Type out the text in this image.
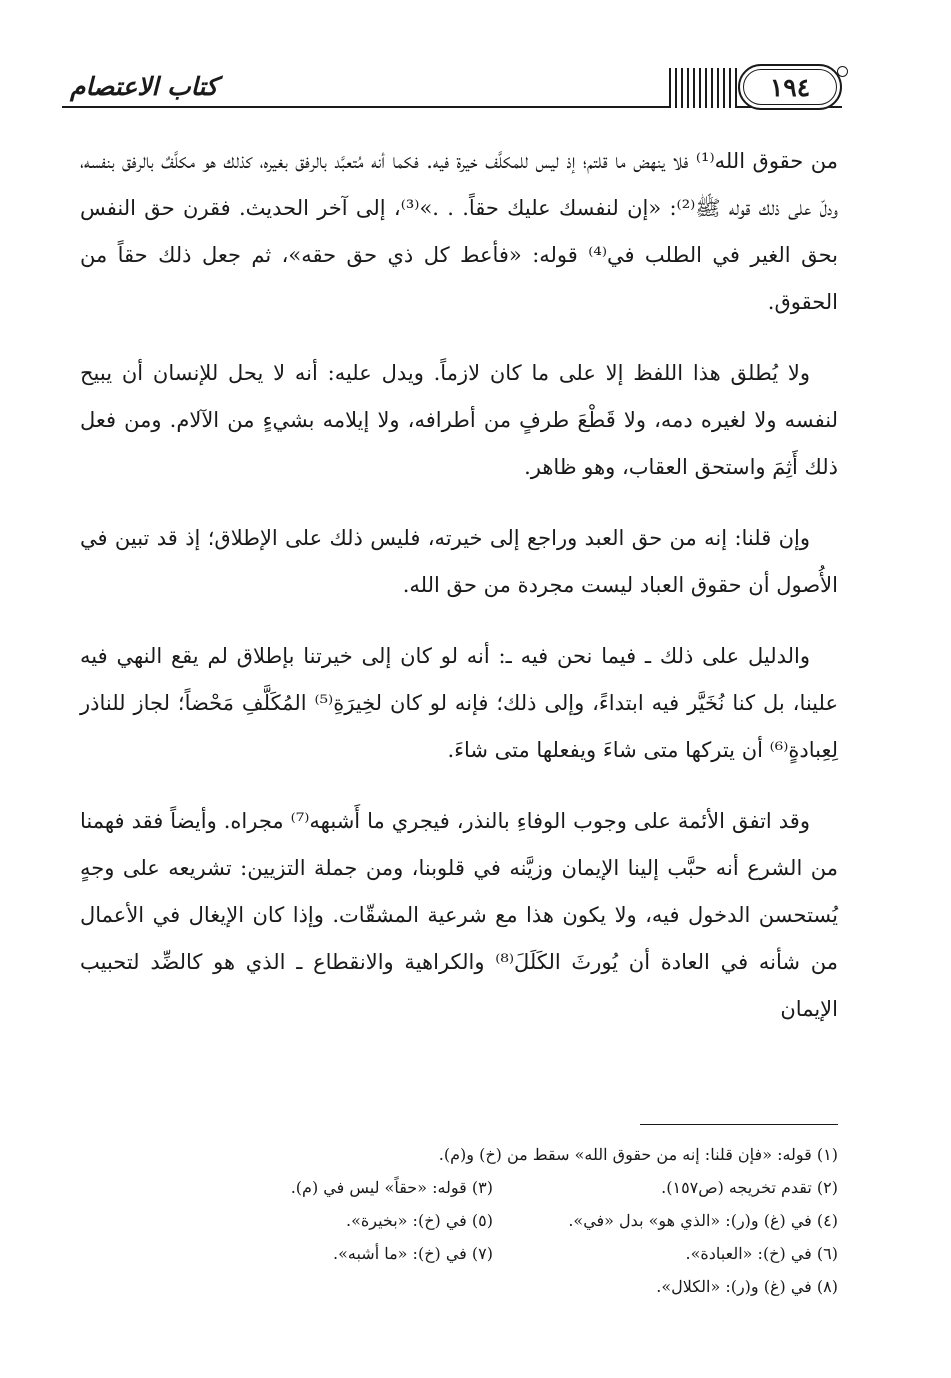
كتاب الاعتصام	١٩٤

من حقوق الله⁽¹⁾ فلا ينهض ما قلتم؛ إذ ليس للمكلَّف خيرة فيه. فكما أنه مُتعبَّد بالرفق بغيره، كذلك هو مكلَّفٌ بالرفق بنفسه، ودلّ على ذلك قوله ﷺ⁽²⁾: «إن لنفسك عليك حقاً. . .»⁽³⁾، إلى آخر الحديث. فقرن حق النفس بحق الغير في الطلب في⁽⁴⁾ قوله: «فأعط كل ذي حق حقه»، ثم جعل ذلك حقاً من الحقوق.

ولا يُطلق هذا اللفظ إلا على ما كان لازماً. ويدل عليه: أنه لا يحل للإنسان أن يبيح لنفسه ولا لغيره دمه، ولا قَطْعَ طرفٍ من أطرافه، ولا إيلامه بشيءٍ من الآلام. ومن فعل ذلك أَثِمَ واستحق العقاب، وهو ظاهر.

وإن قلنا: إنه من حق العبد وراجع إلى خيرته، فليس ذلك على الإطلاق؛ إذ قد تبين في الأُصول أن حقوق العباد ليست مجردة من حق الله.

والدليل على ذلك ـ فيما نحن فيه ـ: أنه لو كان إلى خيرتنا بإطلاق لم يقع النهي فيه علينا، بل كنا نُخَيَّر فيه ابتداءً، وإلى ذلك؛ فإنه لو كان لخِيرَةِ⁽⁵⁾ المُكَلَّفِ مَحْضاً؛ لجاز للناذر لِعِبادةٍ⁽⁶⁾ أن يتركها متى شاءَ ويفعلها متى شاءَ.

وقد اتفق الأئمة على وجوب الوفاءِ بالنذر، فيجري ما أَشبهه⁽⁷⁾ مجراه. وأيضاً فقد فهمنا من الشرع أنه حبَّب إلينا الإيمان وزيَّنه في قلوبنا، ومن جملة التزيين: تشريعه على وجهٍ يُستحسن الدخول فيه، ولا يكون هذا مع شرعية المشقّات. وإذا كان الإيغال في الأعمال من شأنه في العادة أن يُورثَ الكَلَلَ⁽⁸⁾ والكراهية والانقطاع ـ الذي هو كالضِّد لتحبيب الإيمان

(١) قوله: «فإن قلنا: إنه من حقوق الله» سقط من (خ) و(م).
(٢) تقدم تخريجه (ص١٥٧).
(٣) قوله: «حقاً» ليس في (م).
(٤) في (غ) و(ر): «الذي هو» بدل «في».
(٥) في (خ): «بخيرة».
(٦) في (خ): «العبادة».
(٧) في (خ): «ما أشبه».
(٨) في (غ) و(ر): «الكلال».
